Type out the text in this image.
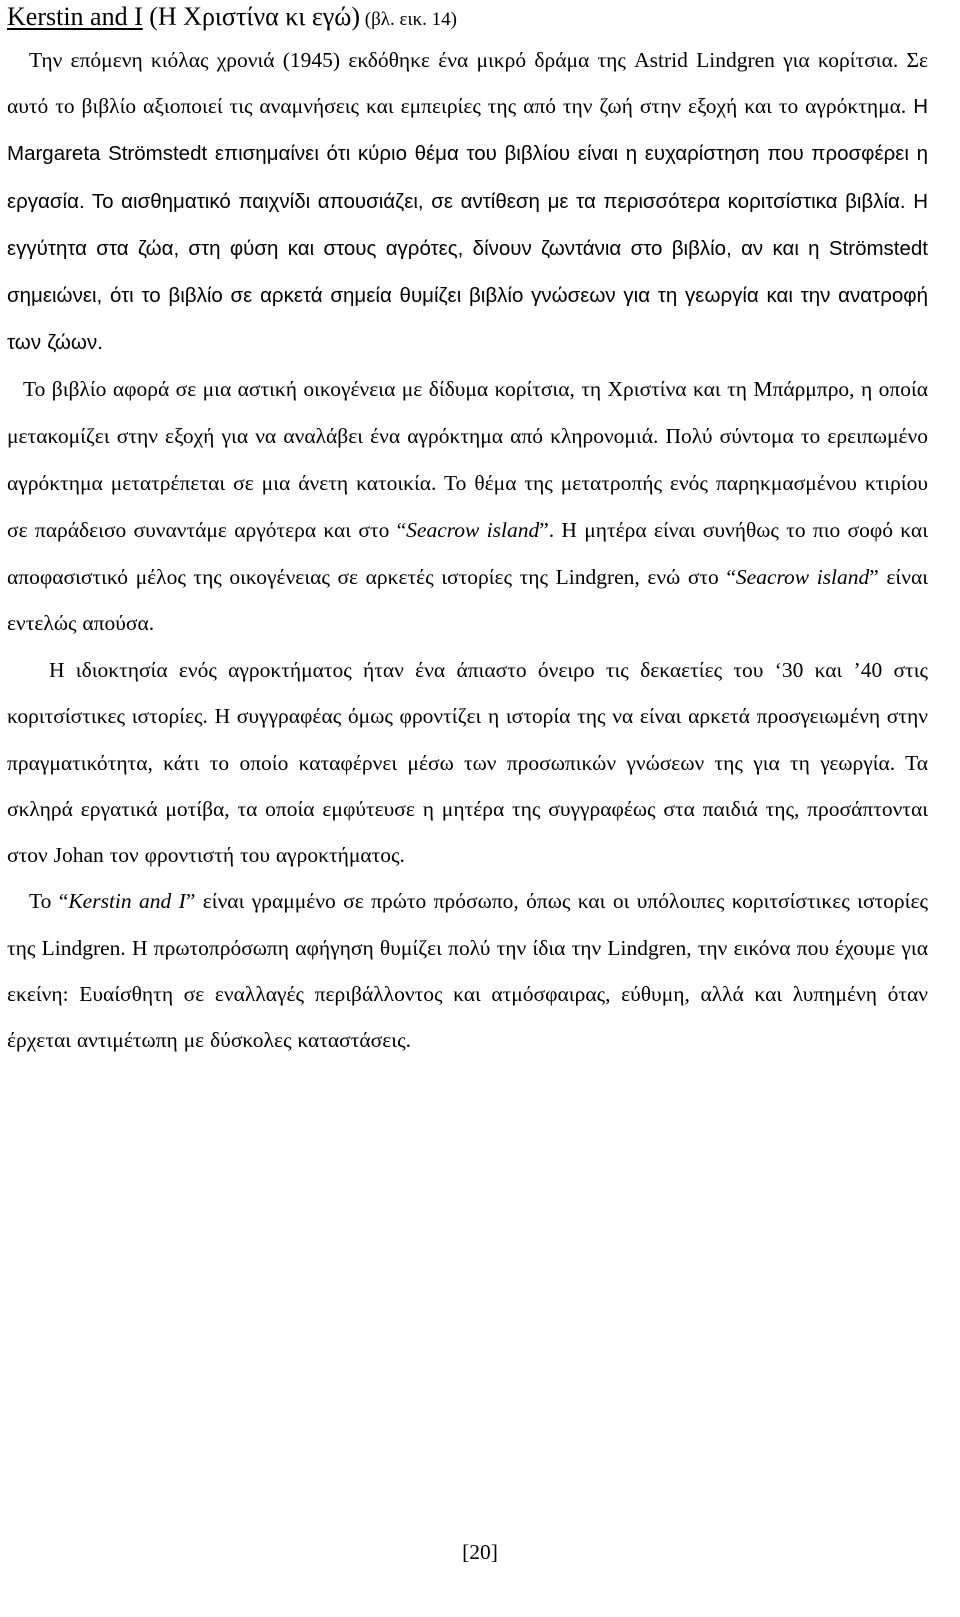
Kerstin and I (Η Χριστίνα κι εγώ) (βλ. εικ. 14)

Την επόμενη κιόλας χρονιά (1945) εκδόθηκε ένα μικρό δράμα της Astrid Lindgren για κορίτσια. Σε αυτό το βιβλίο αξιοποιεί τις αναμνήσεις και εμπειρίες της από την ζωή στην εξοχή και το αγρόκτημα. Η Margareta Strömstedt επισημαίνει ότι κύριο θέμα του βιβλίου είναι η ευχαρίστηση που προσφέρει η εργασία. Το αισθηματικό παιχνίδι απουσιάζει, σε αντίθεση με τα περισσότερα κοριτσίστικα βιβλία. Η εγγύτητα στα ζώα, στη φύση και στους αγρότες, δίνουν ζωντάνια στο βιβλίο, αν και η Strömstedt σημειώνει, ότι το βιβλίο σε αρκετά σημεία θυμίζει βιβλίο γνώσεων για τη γεωργία και την ανατροφή των ζώων.

Το βιβλίο αφορά σε μια αστική οικογένεια με δίδυμα κορίτσια, τη Χριστίνα και τη Μπάρμπρο, η οποία μετακομίζει στην εξοχή για να αναλάβει ένα αγρόκτημα από κληρονομιά. Πολύ σύντομα το ερειπωμένο αγρόκτημα μετατρέπεται σε μια άνετη κατοικία. Το θέμα της μετατροπής ενός παρηκμασμένου κτιρίου σε παράδεισο συναντάμε αργότερα και στο “Seacrow island”. Η μητέρα είναι συνήθως το πιο σοφό και αποφασιστικό μέλος της οικογένειας σε αρκετές ιστορίες της Lindgren, ενώ στο “Seacrow island” είναι εντελώς απούσα.

Η ιδιοκτησία ενός αγροκτήματος ήταν ένα άπιαστο όνειρο τις δεκαετίες του ‘30 και ’40 στις κοριτσίστικες ιστορίες. Η συγγραφέας όμως φροντίζει η ιστορία της να είναι αρκετά προσγειωμένη στην πραγματικότητα, κάτι το οποίο καταφέρνει μέσω των προσωπικών γνώσεων της για τη γεωργία. Τα σκληρά εργατικά μοτίβα, τα οποία εμφύτευσε η μητέρα της συγγραφέως στα παιδιά της, προσάπτονται στον Johan τον φροντιστή του αγροκτήματος.

Το “Kerstin and I” είναι γραμμένο σε πρώτο πρόσωπο, όπως και οι υπόλοιπες κοριτσίστικες ιστορίες της Lindgren. Η πρωτοπρόσωπη αφήγηση θυμίζει πολύ την ίδια την Lindgren, την εικόνα που έχουμε για εκείνη: Ευαίσθητη σε εναλλαγές περιβάλλοντος και ατμόσφαιρας, εύθυμη, αλλά και λυπημένη όταν έρχεται αντιμέτωπη με δύσκολες καταστάσεις.

[20]
